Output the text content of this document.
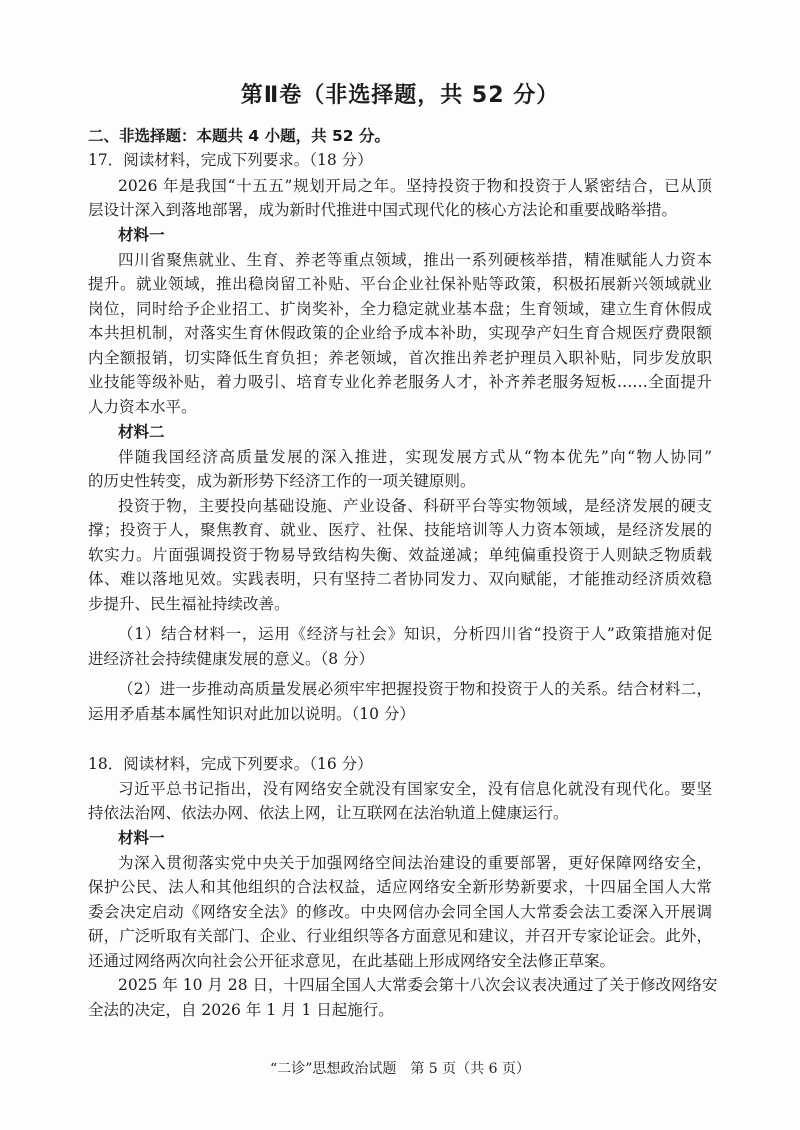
第Ⅱ卷（非选择题，共 52 分）
二、非选择题：本题共 4 小题，共 52 分。
17．阅读材料，完成下列要求。（18 分）
2026 年是我国“十五五”规划开局之年。坚持投资于物和投资于人紧密结合，已从顶
层设计深入到落地部署，成为新时代推进中国式现代化的核心方法论和重要战略举措。
材料一
四川省聚焦就业、生育、养老等重点领域，推出一系列硬核举措，精准赋能人力资本
提升。就业领域，推出稳岗留工补贴、平台企业社保补贴等政策，积极拓展新兴领域就业
岗位，同时给予企业招工、扩岗奖补，全力稳定就业基本盘；生育领域，建立生育休假成
本共担机制，对落实生育休假政策的企业给予成本补助，实现孕产妇生育合规医疗费限额
内全额报销，切实降低生育负担；养老领域，首次推出养老护理员入职补贴，同步发放职
业技能等级补贴，着力吸引、培育专业化养老服务人才，补齐养老服务短板……全面提升
人力资本水平。
材料二
伴随我国经济高质量发展的深入推进，实现发展方式从“物本优先”向“物人协同”
的历史性转变，成为新形势下经济工作的一项关键原则。
投资于物，主要投向基础设施、产业设备、科研平台等实物领域，是经济发展的硬支
撑；投资于人，聚焦教育、就业、医疗、社保、技能培训等人力资本领域，是经济发展的
软实力。片面强调投资于物易导致结构失衡、效益递减；单纯偏重投资于人则缺乏物质载
体、难以落地见效。实践表明，只有坚持二者协同发力、双向赋能，才能推动经济质效稳
步提升、民生福祉持续改善。
（1）结合材料一，运用《经济与社会》知识，分析四川省“投资于人”政策措施对促
进经济社会持续健康发展的意义。（8 分）
（2）进一步推动高质量发展必须牢牢把握投资于物和投资于人的关系。结合材料二，
运用矛盾基本属性知识对此加以说明。（10 分）
18．阅读材料，完成下列要求。（16 分）
习近平总书记指出，没有网络安全就没有国家安全，没有信息化就没有现代化。要坚
持依法治网、依法办网、依法上网，让互联网在法治轨道上健康运行。
材料一
为深入贯彻落实党中央关于加强网络空间法治建设的重要部署，更好保障网络安全，
保护公民、法人和其他组织的合法权益，适应网络安全新形势新要求，十四届全国人大常
委会决定启动《网络安全法》的修改。中央网信办会同全国人大常委会法工委深入开展调
研，广泛听取有关部门、企业、行业组织等各方面意见和建议，并召开专家论证会。此外，
还通过网络两次向社会公开征求意见，在此基础上形成网络安全法修正草案。
2025 年 10 月 28 日，十四届全国人大常委会第十八次会议表决通过了关于修改网络安
全法的决定，自 2026 年 1 月 1 日起施行。
“二诊”思想政治试题　第 5 页（共 6 页）
